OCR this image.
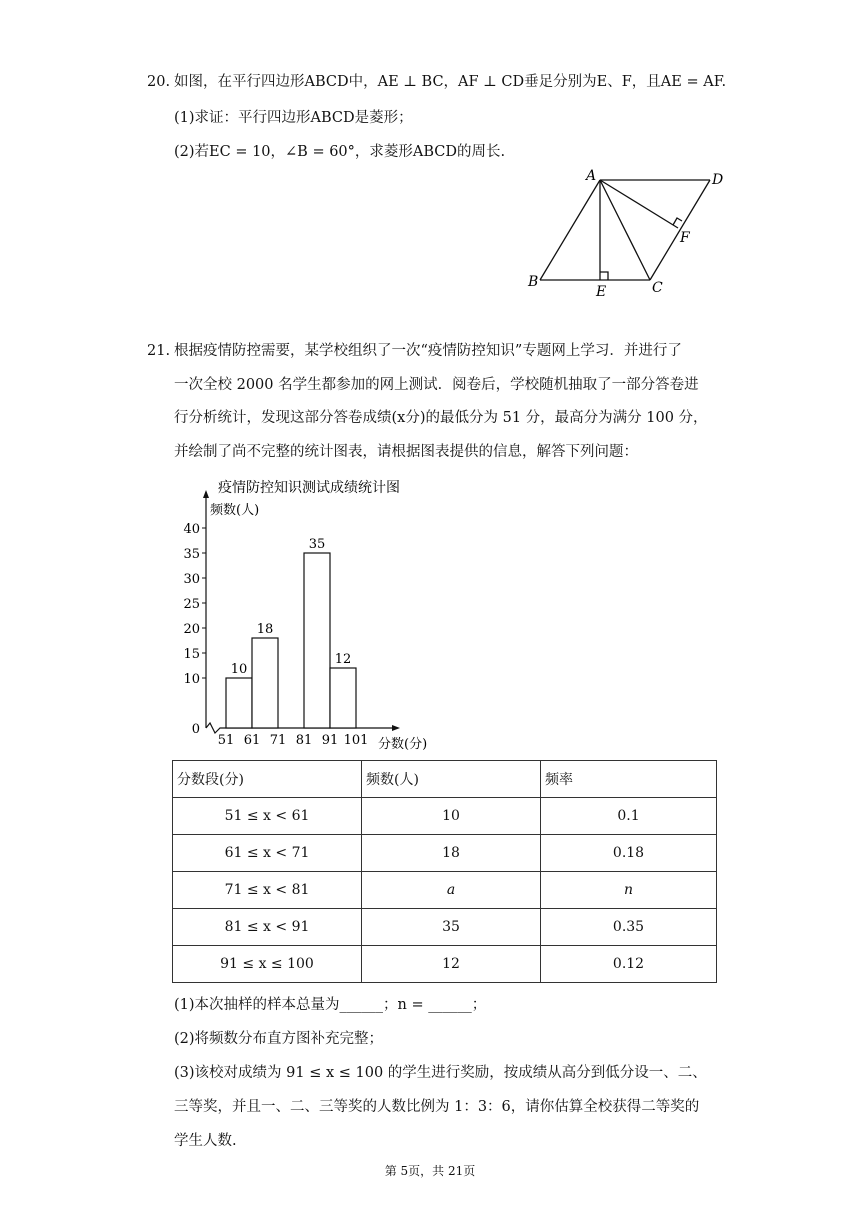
20. 如图，在平行四边形ABCD中，AE ⊥ BC，AF ⊥ CD垂足分别为E、F，且AE = AF.
(1)求证：平行四边形ABCD是菱形；
(2)若EC = 10，∠B = 60°，求菱形ABCD的周长.
A	D
F
C
E
B
21. 根据疫情防控需要，某学校组织了一次“疫情防控知识”专题网上学习．并进行了
一次全校 2000 名学生都参加的网上测试．阅卷后，学校随机抽取了一部分答卷进
行分析统计，发现这部分答卷成绩(x分)的最低分为 51 分，最高分为满分 100 分，
并绘制了尚不完整的统计图表，请根据图表提供的信息，解答下列问题：
疫情防控知识测试成绩统计图
频数(人)
分数(分)
0
10
15
20
25
30
35
40
51 61 71 81 91 101
10
18
35
12
分数段(分)	频数(人)	频率
51 ≤ x < 61	10	0.1
61 ≤ x < 71	18	0.18
71 ≤ x < 81	a	n
81 ≤ x < 91	35	0.35
91 ≤ x ≤ 100	12	0.12
(1)本次抽样的样本总量为______；n = ______；
(2)将频数分布直方图补充完整；
(3)该校对成绩为 91 ≤ x ≤ 100 的学生进行奖励，按成绩从高分到低分设一、二、
三等奖，并且一、二、三等奖的人数比例为 1：3：6，请你估算全校获得二等奖的
学生人数.
第 5页，共 21页
